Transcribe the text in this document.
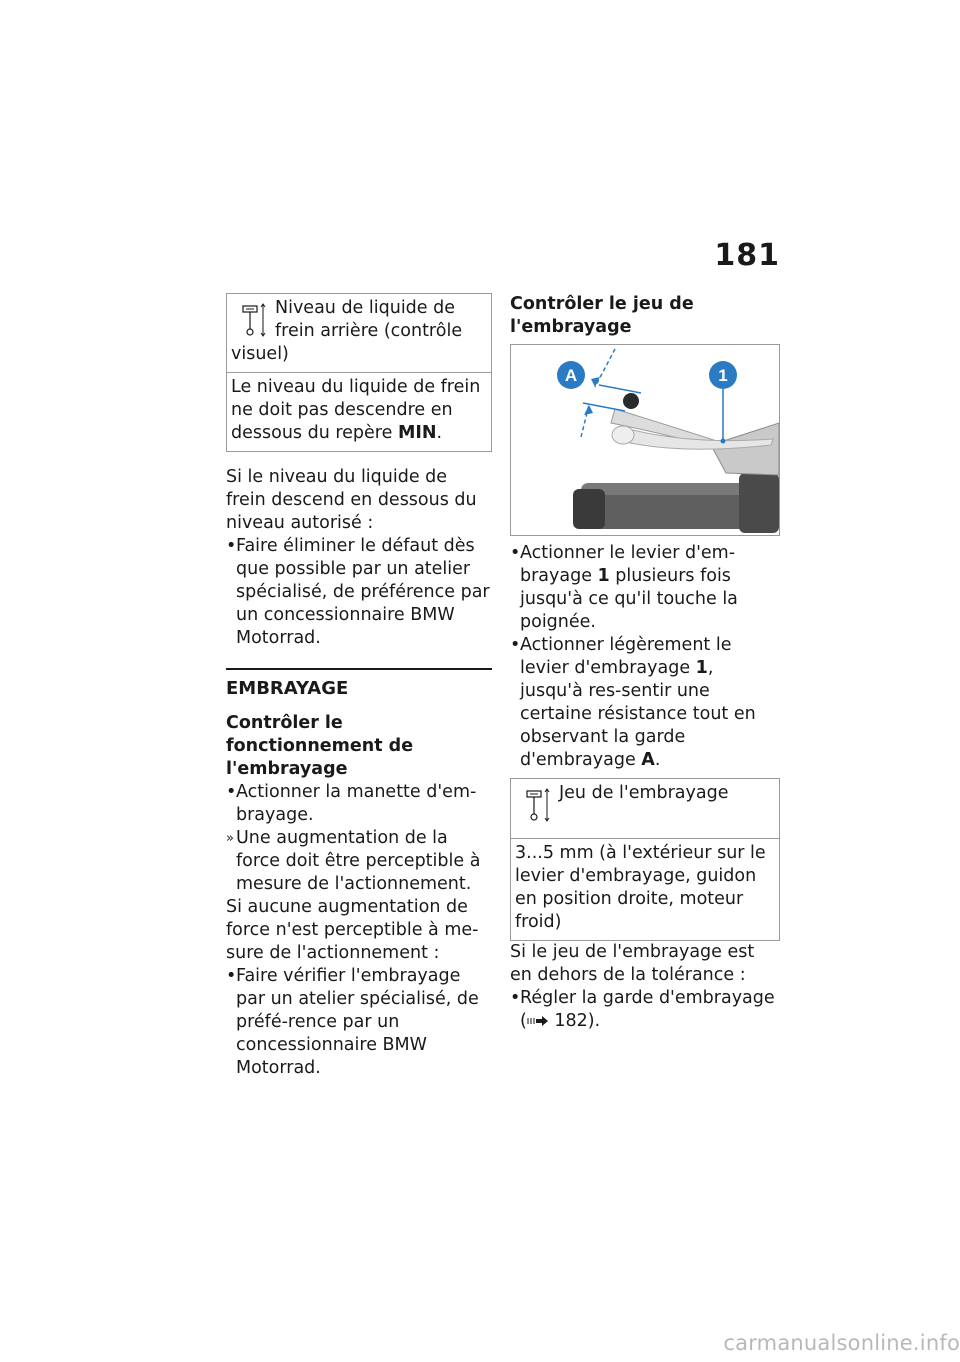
181
Niveau de liquide de frein arrière (contrôle visuel)
Le niveau du liquide de frein ne doit pas descendre en dessous du repère MIN.

Si le niveau du liquide de frein descend en dessous du niveau autorisé :

• Faire éliminer le défaut dès que possible par un atelier spécialisé, de préférence par un concessionnaire BMW Motorrad.
EMBRAYAGE
Contrôler le fonctionnement de l'embrayage
• Actionner la manette d'em-brayage.
» Une augmentation de la force doit être perceptible à mesure de l'actionnement.

Si aucune augmentation de force n'est perceptible à me-sure de l'actionnement :

• Faire vérifier l'embrayage par un atelier spécialisé, de préfé-rence par un concessionnaire BMW Motorrad.
Contrôler le jeu de l'embrayage
A	1
• Actionner le levier d'em-brayage 1 plusieurs fois jusqu'à ce qu'il touche la poignée.
• Actionner légèrement le levier d'embrayage 1, jusqu'à res-sentir une certaine résistance tout en observant la garde d'embrayage A.
Jeu de l'embrayage
3...5 mm (à l'extérieur sur le levier d'embrayage, guidon en position droite, moteur froid)

Si le jeu de l'embrayage est en dehors de la tolérance :

• Régler la garde d'embrayage
( 182).
carmanualsonline.info
